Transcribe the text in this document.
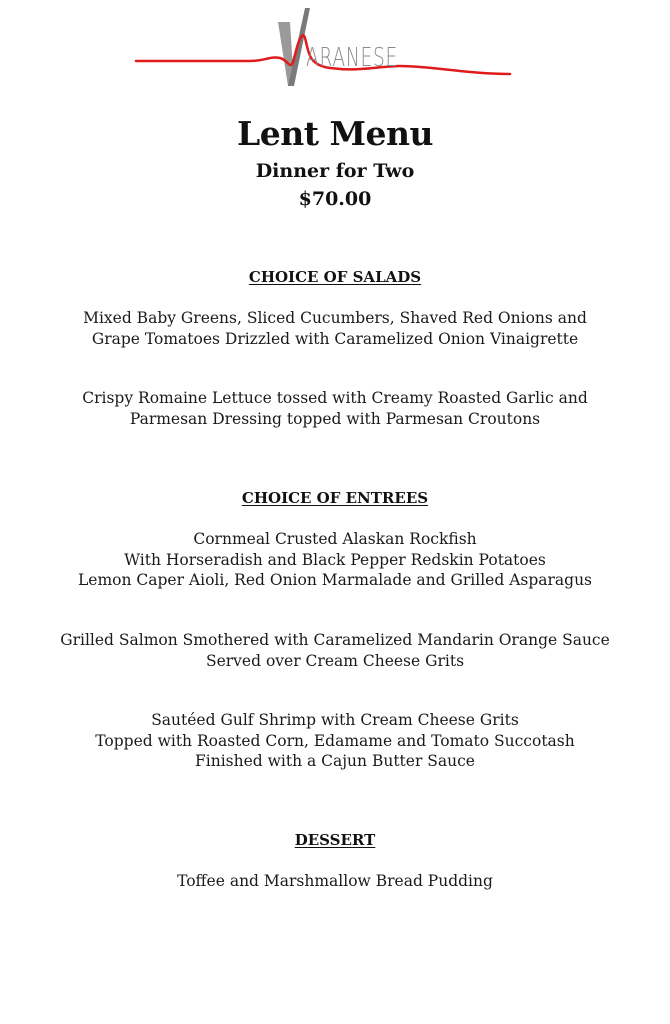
ARANESE
Lent Menu
Dinner for Two
$70.00
CHOICE OF SALADS
Mixed Baby Greens, Sliced Cucumbers, Shaved Red Onions and
Grape Tomatoes Drizzled with Caramelized Onion Vinaigrette
Crispy Romaine Lettuce tossed with Creamy Roasted Garlic and
Parmesan Dressing topped with Parmesan Croutons
CHOICE OF ENTREES
Cornmeal Crusted Alaskan Rockfish
With Horseradish and Black Pepper Redskin Potatoes
Lemon Caper Aioli, Red Onion Marmalade and Grilled Asparagus
Grilled Salmon Smothered with Caramelized Mandarin Orange Sauce
Served over Cream Cheese Grits
Sautéed Gulf Shrimp with Cream Cheese Grits
Topped with Roasted Corn, Edamame and Tomato Succotash
Finished with a Cajun Butter Sauce
DESSERT
Toffee and Marshmallow Bread Pudding
